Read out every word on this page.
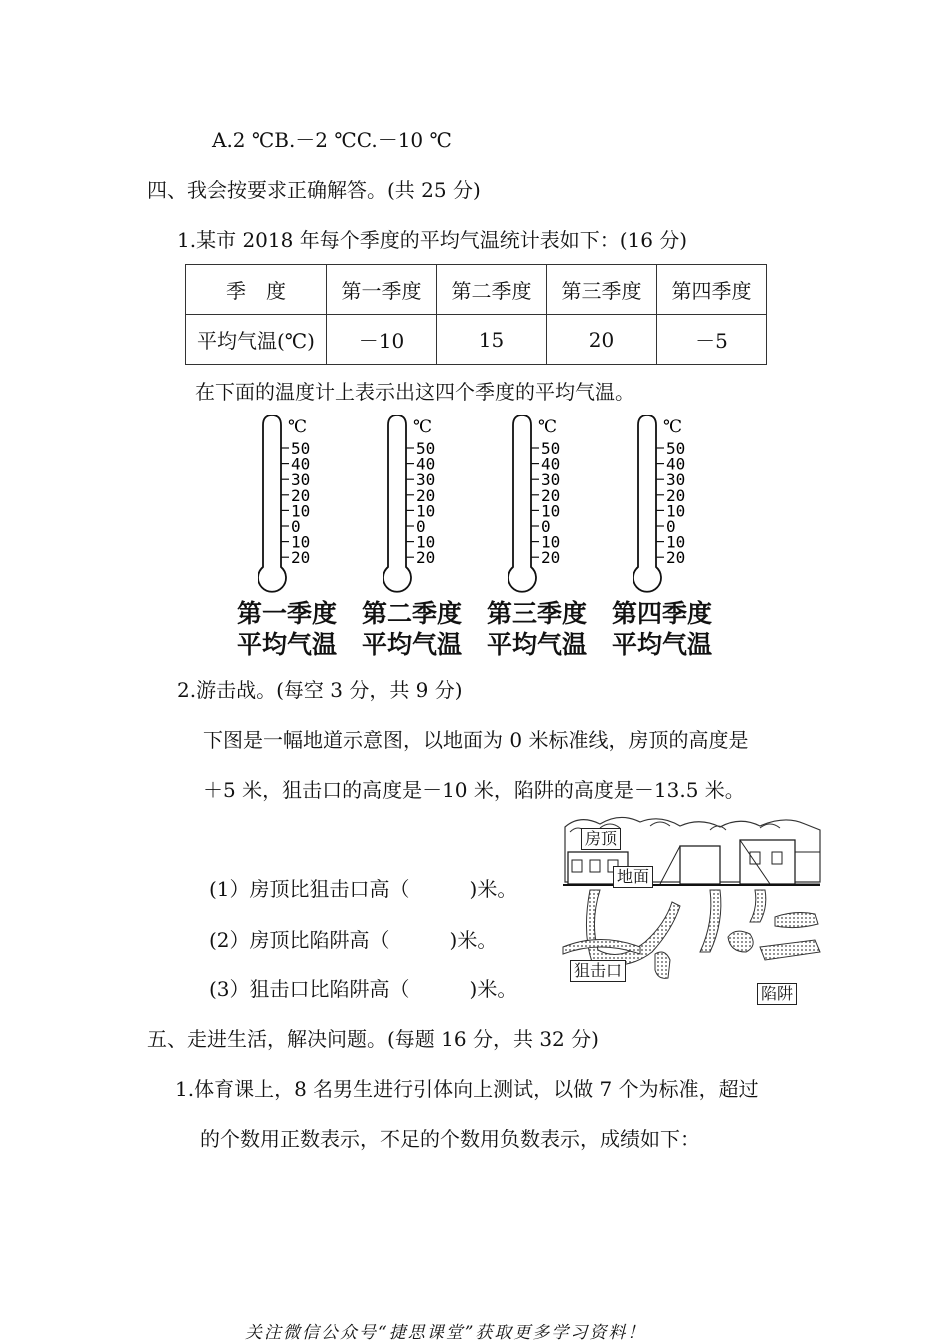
A.2 ℃B.－2 ℃C.－10 ℃
四、我会按要求正确解答。(共 25 分)
1.某市 2018 年每个季度的平均气温统计表如下：(16 分)
季　度	第一季度	第二季度	第三季度	第四季度
平均气温(℃)	－10	15	20	－5
在下面的温度计上表示出这四个季度的平均气温。
℃
50
40
30
20
10
0
10
20
℃
50
40
30
20
10
0
10
20
℃
50
40
30
20
10
0
10
20
℃
50
40
30
20
10
0
10
20
第一季度
平均气温
第二季度
平均气温
第三季度
平均气温
第四季度
平均气温
2.游击战。(每空 3 分，共 9 分)
下图是一幅地道示意图，以地面为 0 米标准线，房顶的高度是
＋5 米，狙击口的高度是－10 米，陷阱的高度是－13.5 米。
(1）房顶比狙击口高（　　　)米。
(2）房顶比陷阱高（　　　)米。
(3）狙击口比陷阱高（　　　)米。
房顶
地面
狙击口
陷阱
五、走进生活，解决问题。(每题 16 分，共 32 分)
1.体育课上，8 名男生进行引体向上测试，以做 7 个为标准，超过
的个数用正数表示，不足的个数用负数表示，成绩如下：
关注微信公众号“捷思课堂”获取更多学习资料！
